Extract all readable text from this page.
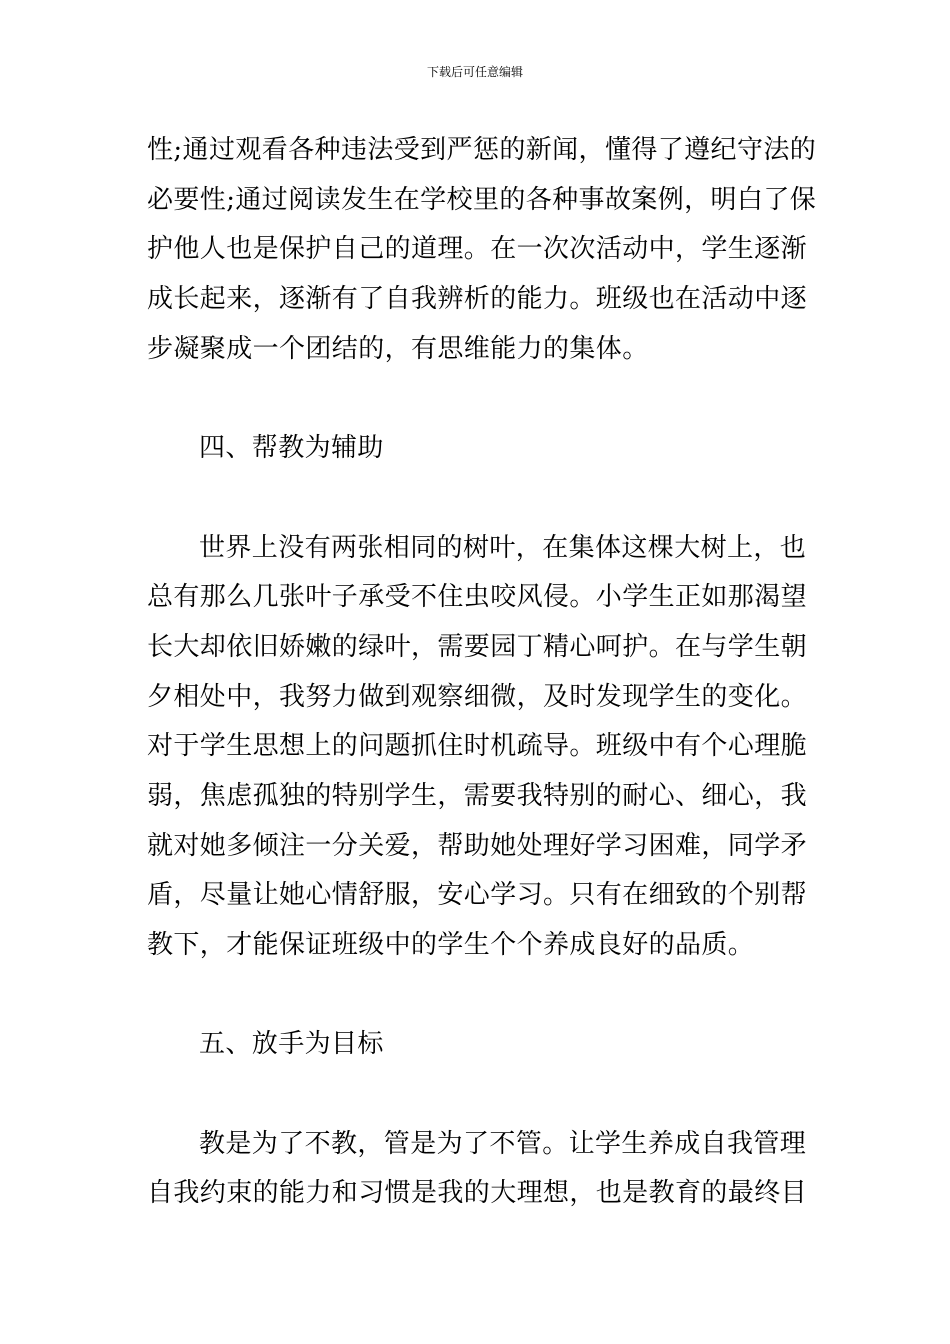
下载后可任意编辑
性;通过观看各种违法受到严惩的新闻，懂得了遵纪守法的
必要性;通过阅读发生在学校里的各种事故案例，明白了保
护他人也是保护自己的道理。在一次次活动中，学生逐渐
成长起来，逐渐有了自我辨析的能力。班级也在活动中逐
步凝聚成一个团结的，有思维能力的集体。
四、帮教为辅助
世界上没有两张相同的树叶，在集体这棵大树上，也
总有那么几张叶子承受不住虫咬风侵。小学生正如那渴望
长大却依旧娇嫩的绿叶，需要园丁精心呵护。在与学生朝
夕相处中，我努力做到观察细微，及时发现学生的变化。
对于学生思想上的问题抓住时机疏导。班级中有个心理脆
弱，焦虑孤独的特别学生，需要我特别的耐心、细心，我
就对她多倾注一分关爱，帮助她处理好学习困难，同学矛
盾，尽量让她心情舒服，安心学习。只有在细致的个别帮
教下，才能保证班级中的学生个个养成良好的品质。
五、放手为目标
教是为了不教，管是为了不管。让学生养成自我管理
自我约束的能力和习惯是我的大理想，也是教育的最终目
